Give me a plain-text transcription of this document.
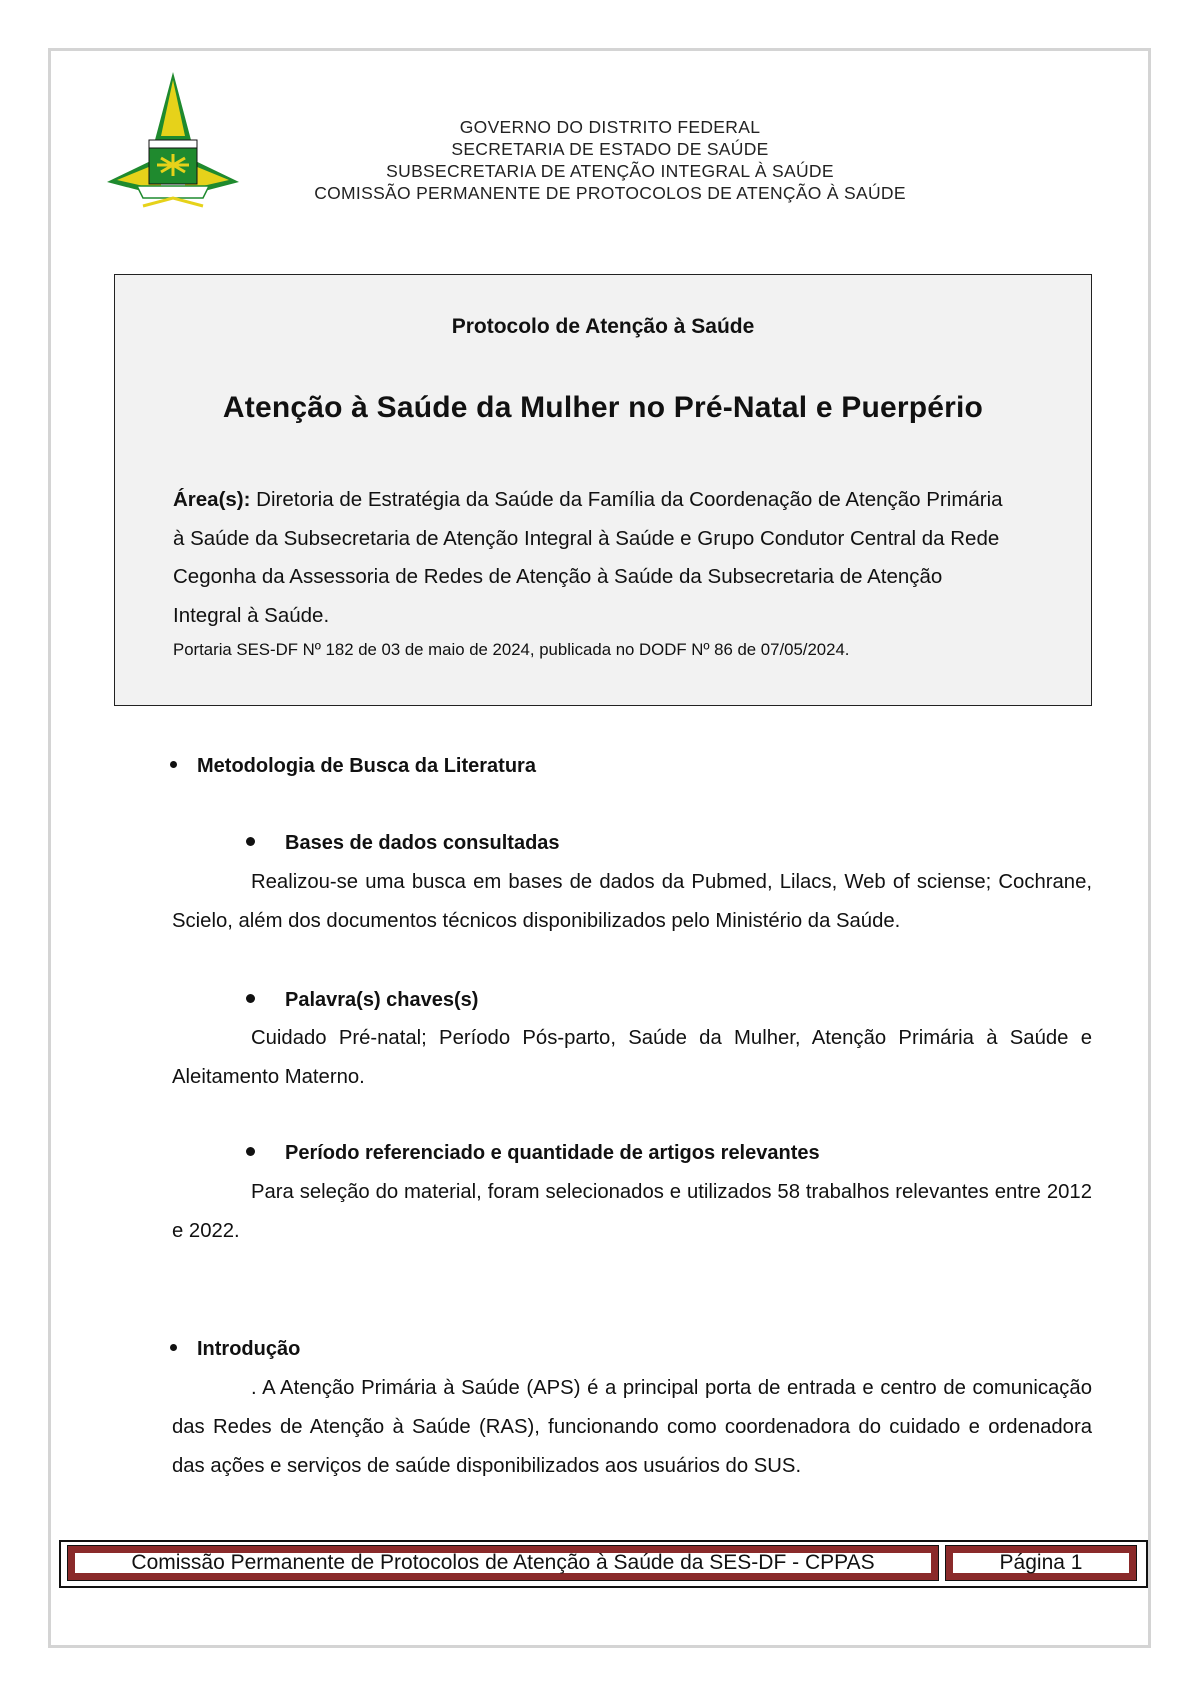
GOVERNO DO DISTRITO FEDERAL
SECRETARIA DE ESTADO DE SAÚDE
SUBSECRETARIA DE ATENÇÃO INTEGRAL À SAÚDE
COMISSÃO PERMANENTE DE PROTOCOLOS DE ATENÇÃO À SAÚDE
Protocolo de Atenção à Saúde
Atenção à Saúde da Mulher no Pré-Natal e Puerpério
Área(s): Diretoria de Estratégia da Saúde da Família da Coordenação de Atenção Primária à Saúde da Subsecretaria de Atenção Integral à Saúde e Grupo Condutor Central da Rede Cegonha da Assessoria de Redes de Atenção à Saúde da Subsecretaria de Atenção Integral à Saúde.
Portaria SES-DF Nº 182 de 03 de maio de 2024, publicada no DODF Nº 86 de 07/05/2024.
Metodologia de Busca da Literatura
Bases de dados consultadas
Realizou-se uma busca em bases de dados da Pubmed, Lilacs, Web of sciense; Cochrane, Scielo, além dos documentos técnicos disponibilizados pelo Ministério da Saúde.
Palavra(s) chaves(s)
Cuidado Pré-natal; Período Pós-parto, Saúde da Mulher, Atenção Primária à Saúde e Aleitamento Materno.
Período referenciado e quantidade de artigos relevantes
Para seleção do material, foram selecionados e utilizados 58 trabalhos relevantes entre 2012 e 2022.
Introdução
. A Atenção Primária à Saúde (APS) é a principal porta de entrada e centro de comunicação das Redes de Atenção à Saúde (RAS), funcionando como coordenadora do cuidado e ordenadora das ações e serviços de saúde disponibilizados aos usuários do SUS.
Comissão Permanente de Protocolos de Atenção à Saúde da SES-DF - CPPAS	Página 1
